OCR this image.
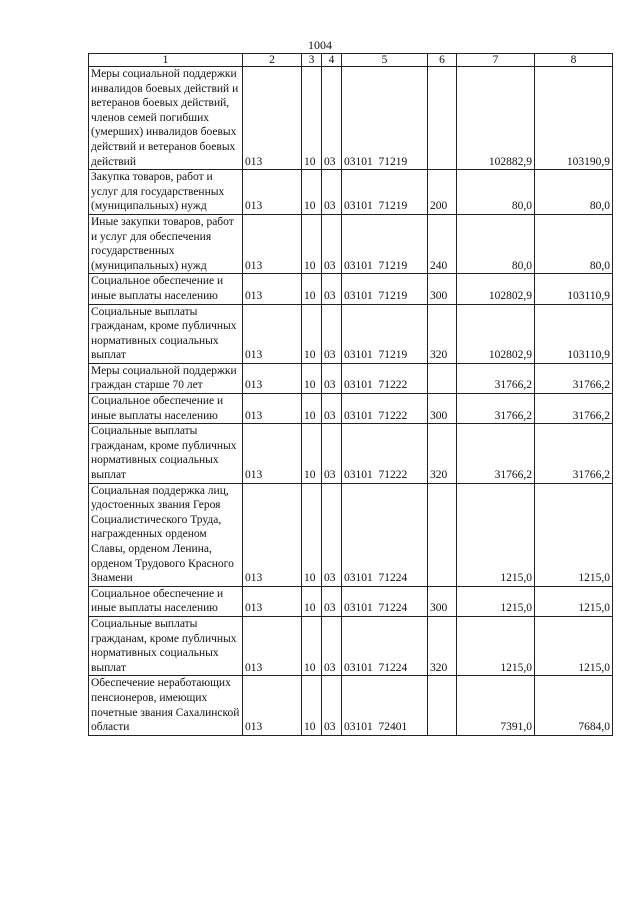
1004
1	2	3	4	5	6	7	8
Меры социальной поддержки инвалидов боевых действий и ветеранов боевых действий, членов семей погибших (умерших) инвалидов боевых действий и ветеранов боевых действий	013	10	03	03101  71219		102882,9	103190,9
Закупка товаров, работ и услуг для государственных (муниципальных) нужд	013	10	03	03101  71219	200	80,0	80,0
Иные закупки товаров, работ и услуг для обеспечения государственных (муниципальных) нужд	013	10	03	03101  71219	240	80,0	80,0
Социальное обеспечение и иные выплаты населению	013	10	03	03101  71219	300	102802,9	103110,9
Социальные выплаты гражданам, кроме публичных нормативных социальных выплат	013	10	03	03101  71219	320	102802,9	103110,9
Меры социальной поддержки граждан старше 70 лет	013	10	03	03101  71222		31766,2	31766,2
Социальное обеспечение и иные выплаты населению	013	10	03	03101  71222	300	31766,2	31766,2
Социальные выплаты гражданам, кроме публичных нормативных социальных выплат	013	10	03	03101  71222	320	31766,2	31766,2
Социальная поддержка лиц, удостоенных звания Героя Социалистического Труда, награжденных орденом Славы, орденом Ленина, орденом Трудового Красного Знамени	013	10	03	03101  71224		1215,0	1215,0
Социальное обеспечение и иные выплаты населению	013	10	03	03101  71224	300	1215,0	1215,0
Социальные выплаты гражданам, кроме публичных нормативных социальных выплат	013	10	03	03101  71224	320	1215,0	1215,0
Обеспечение неработающих пенсионеров, имеющих почетные звания Сахалинской области	013	10	03	03101  72401		7391,0	7684,0
